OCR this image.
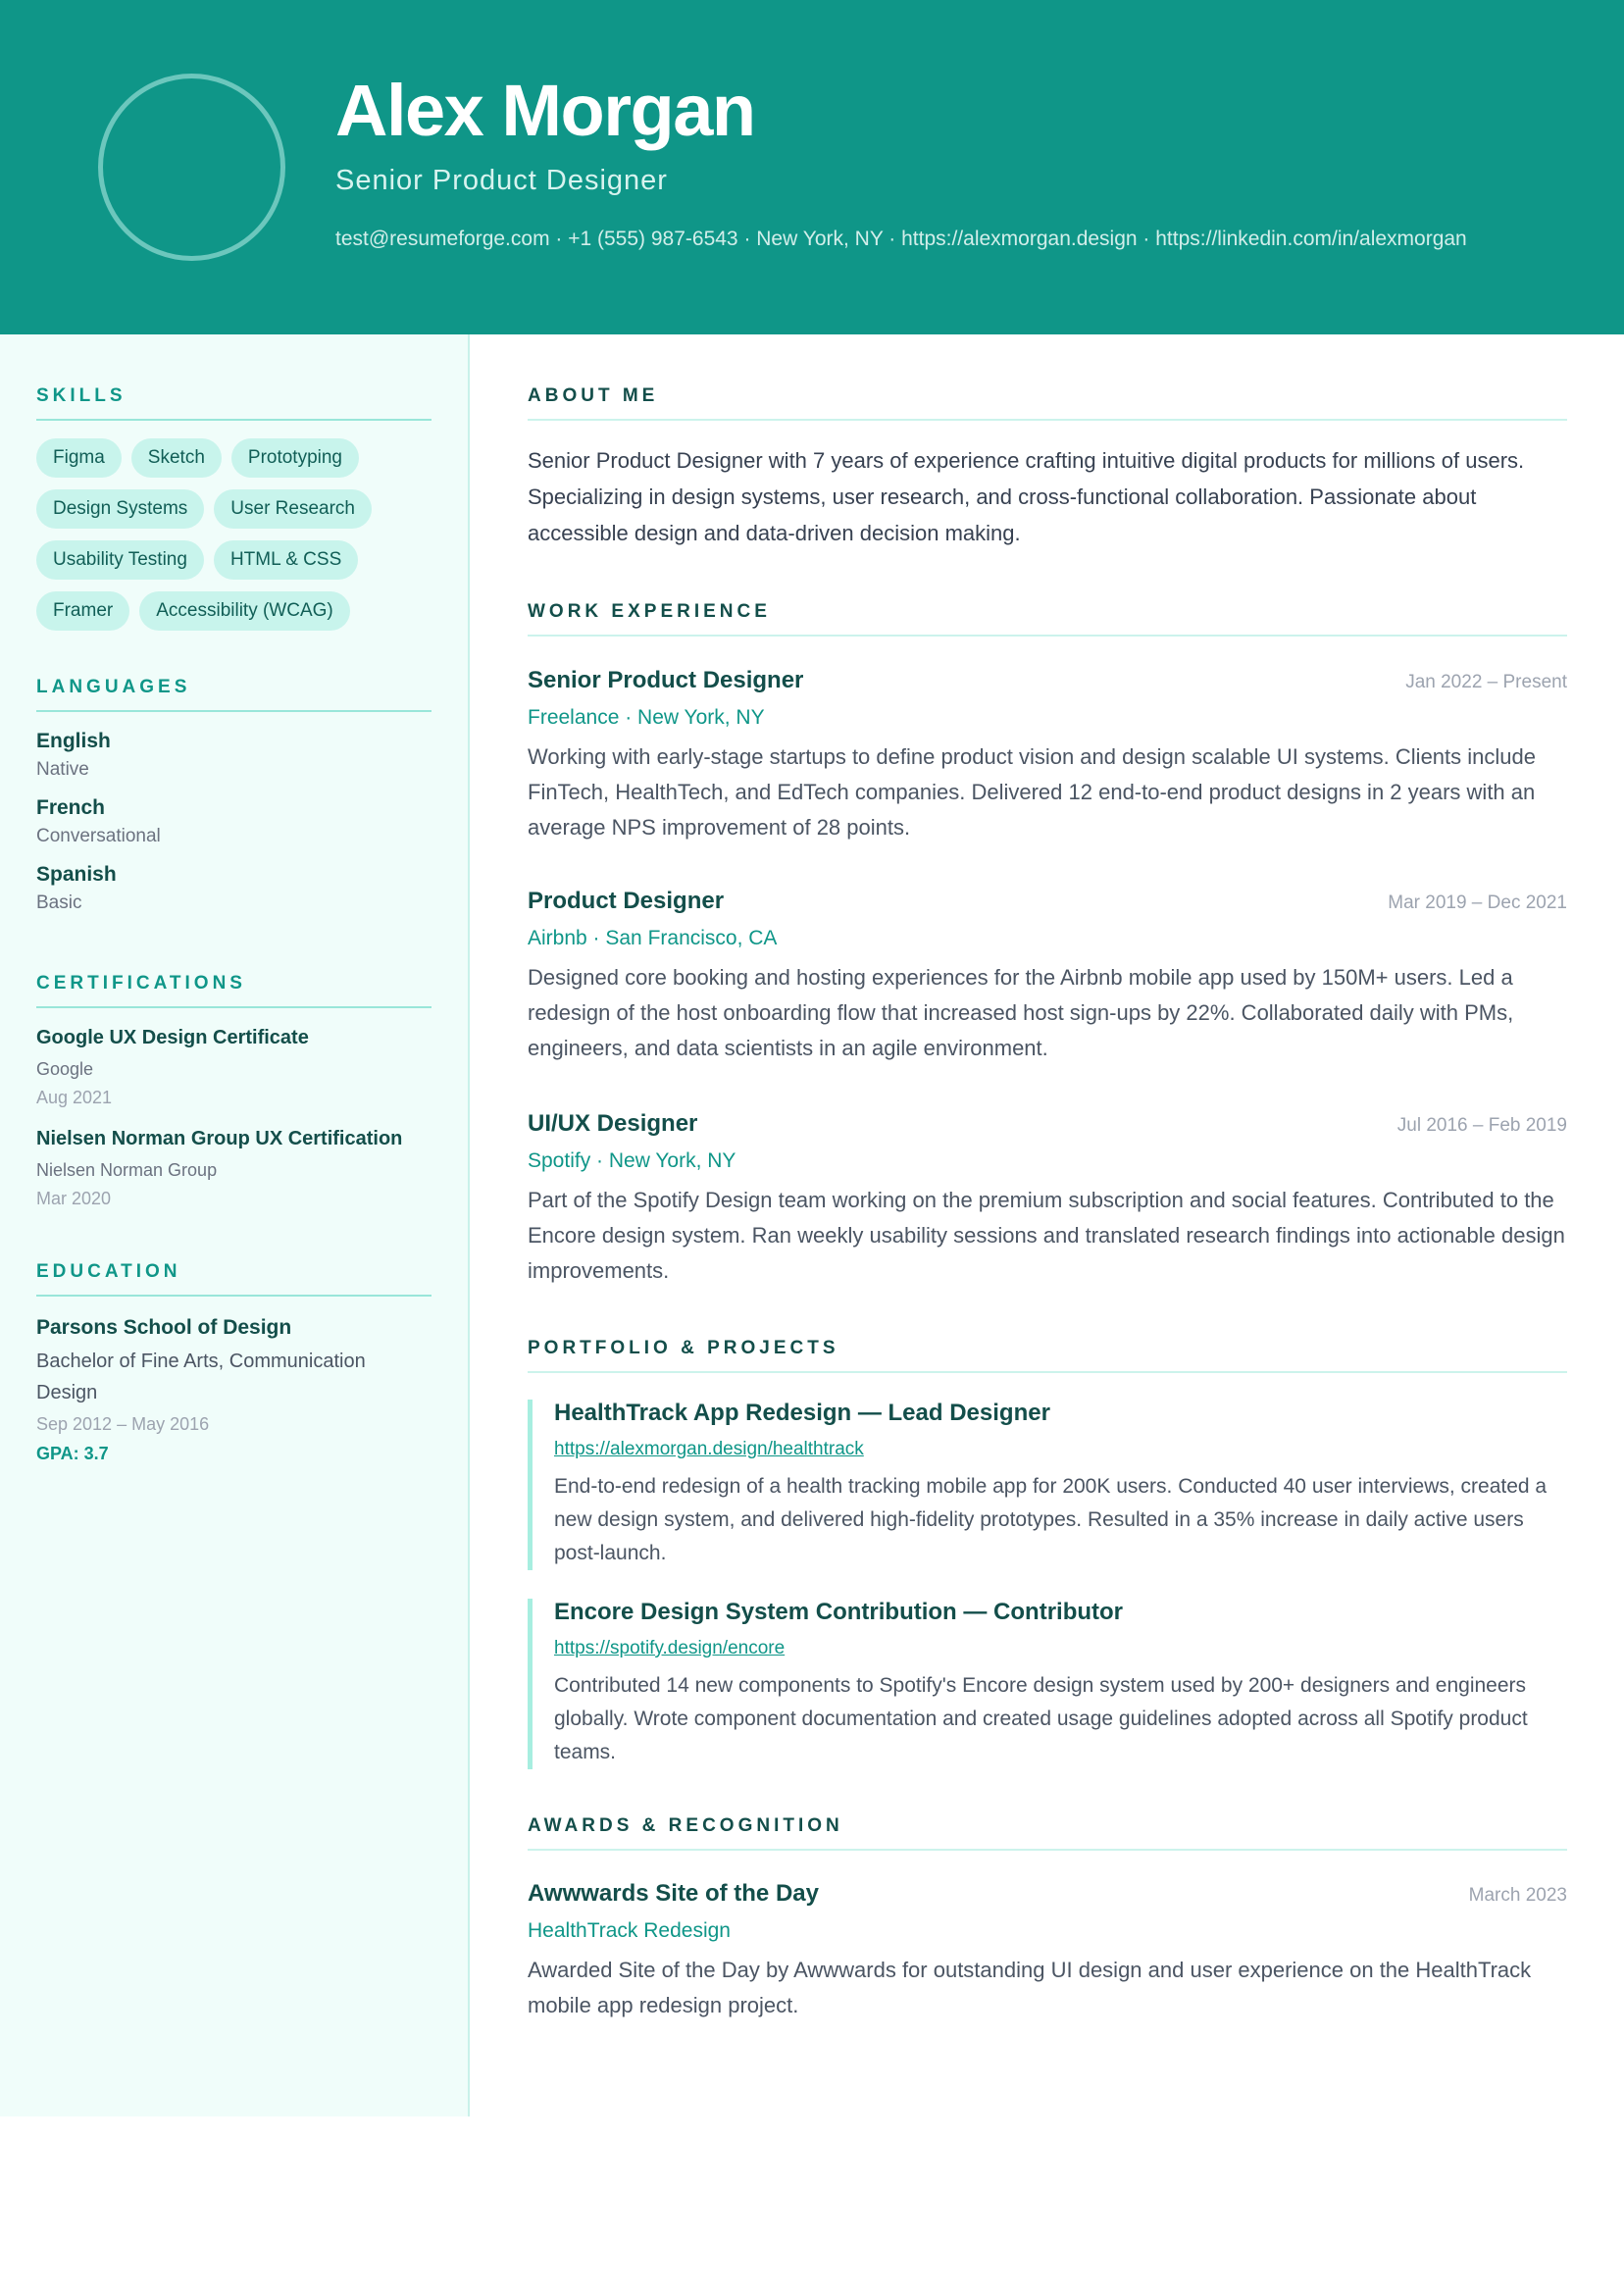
Alex Morgan
Senior Product Designer
test@resumeforge.com · +1 (555) 987-6543 · New York, NY · https://alexmorgan.design · https://linkedin.com/in/alexmorgan
SKILLS
Figma	Sketch	Prototyping
Design Systems	User Research
Usability Testing	HTML & CSS
Framer	Accessibility (WCAG)
LANGUAGES
English
Native
French
Conversational
Spanish
Basic
CERTIFICATIONS
Google UX Design Certificate
Google
Aug 2021
Nielsen Norman Group UX Certification
Nielsen Norman Group
Mar 2020
EDUCATION
Parsons School of Design
Bachelor of Fine Arts, Communication Design
Sep 2012 – May 2016
GPA: 3.7
ABOUT ME
Senior Product Designer with 7 years of experience crafting intuitive digital products for millions of users. Specializing in design systems, user research, and cross-functional collaboration. Passionate about accessible design and data-driven decision making.
WORK EXPERIENCE
Senior Product Designer	Jan 2022 – Present
Freelance · New York, NY
Working with early-stage startups to define product vision and design scalable UI systems. Clients include FinTech, HealthTech, and EdTech companies. Delivered 12 end-to-end product designs in 2 years with an average NPS improvement of 28 points.
Product Designer	Mar 2019 – Dec 2021
Airbnb · San Francisco, CA
Designed core booking and hosting experiences for the Airbnb mobile app used by 150M+ users. Led a redesign of the host onboarding flow that increased host sign-ups by 22%. Collaborated daily with PMs, engineers, and data scientists in an agile environment.
UI/UX Designer	Jul 2016 – Feb 2019
Spotify · New York, NY
Part of the Spotify Design team working on the premium subscription and social features. Contributed to the Encore design system. Ran weekly usability sessions and translated research findings into actionable design improvements.
PORTFOLIO & PROJECTS
HealthTrack App Redesign — Lead Designer
https://alexmorgan.design/healthtrack
End-to-end redesign of a health tracking mobile app for 200K users. Conducted 40 user interviews, created a new design system, and delivered high-fidelity prototypes. Resulted in a 35% increase in daily active users post-launch.
Encore Design System Contribution — Contributor
https://spotify.design/encore
Contributed 14 new components to Spotify's Encore design system used by 200+ designers and engineers globally. Wrote component documentation and created usage guidelines adopted across all Spotify product teams.
AWARDS & RECOGNITION
Awwwards Site of the Day	March 2023
HealthTrack Redesign
Awarded Site of the Day by Awwwards for outstanding UI design and user experience on the HealthTrack mobile app redesign project.
